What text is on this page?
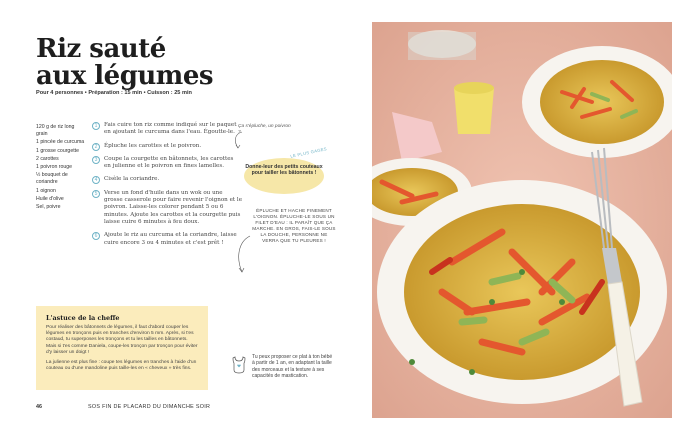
Riz sauté
aux légumes
Pour 4 personnes • Préparation : 15 min • Cuisson : 25 min
120 g de riz long grain
1 pincée de curcuma
1 grosse courgette
2 carottes
1 poivron rouge
½ bouquet de coriandre
1 oignon
Huile d'olive
Sel, poivre
1	Fais cuire ton riz comme indiqué sur le paquet en ajoutant le curcuma dans l'eau. Égoutte-le.
2	Épluche les carottes et le poivron.
3	Coupe la courgette en bâtonnets, les carottes en julienne et le poivron en fines lamelles.
4	Cisèle la coriandre.
5	Verse un fond d'huile dans un wok ou une grosse casserole pour faire revenir l'oignon et le poivron. Laisse-les colorer pendant 5 ou 6 minutes. Ajoute les carottes et la courgette puis laisse cuire 6 minutes à feu doux.
6	Ajoute le riz au curcuma et la coriandre, laisse cuire encore 3 ou 4 minutes et c'est prêt !
Ça s'épluche, un poivron ?
LE PLUS GAGES
Donne-leur des petits couteaux pour tailler les bâtonnets !
ÉPLUCHE ET HACHE FINEMENT L'OIGNON. ÉPLUCHE-LE SOUS UN FILET D'EAU : IL PARAÎT QUE ÇA MARCHE. EN GROS, FAIS-LE SOUS LA DOUCHE, PERSONNE NE VERRA QUE TU PLEURES !
L'astuce de la cheffe
Pour réaliser des bâtonnets de légumes, il faut d'abord couper les légumes en tronçons puis en tranches d'environ 5 mm. Après, si t'es costaud, tu superposes les tronçons et tu les tailles en bâtonnets. Mais si t'es comme Daniela, coupe-les tronçon par tronçon pour éviter d'y laisser un doigt !
La julienne est plus fine : coupe tes légumes en tranches à l'aide d'un couteau ou d'une mandoline puis taille-les en « cheveux » très fins.
Tu peux proposer ce plat à ton bébé à partir de 1 an, en adaptant la taille des morceaux et la texture à ses capacités de mastication.
46	SOS FIN DE PLACARD DU DIMANCHE SOIR
